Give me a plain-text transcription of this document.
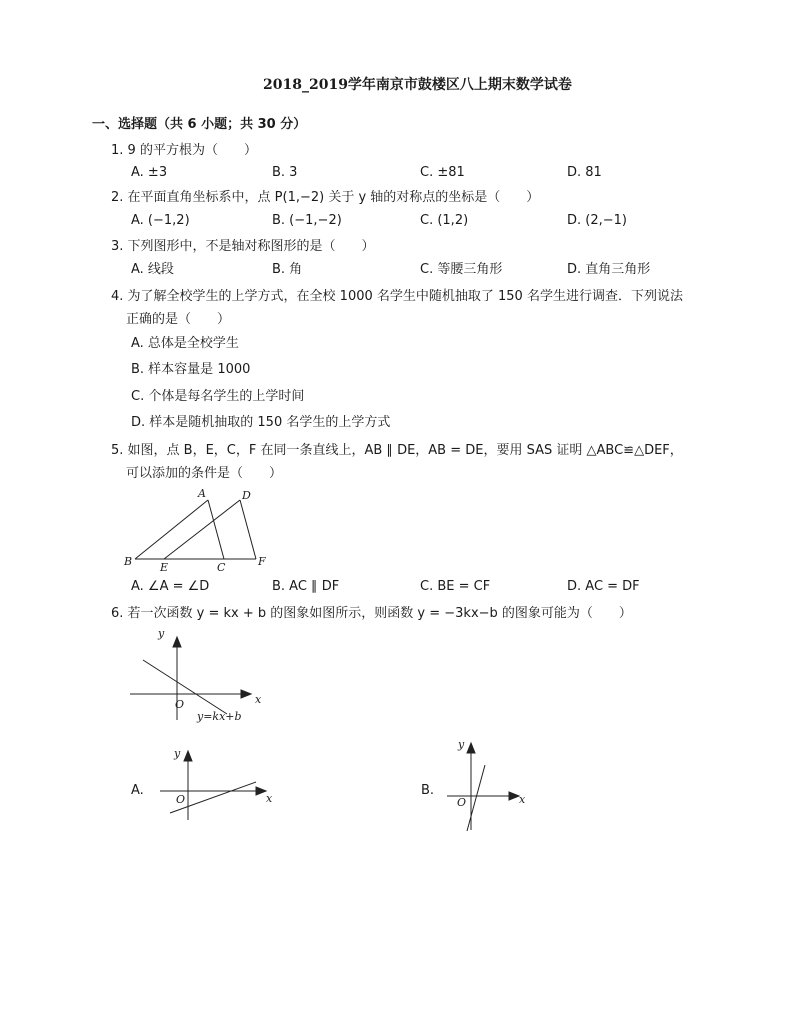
2018_2019学年南京市鼓楼区八上期末数学试卷
一、选择题（共 6 小题；共 30 分）
1. 9 的平方根为（　　）
A. ±3	B. 3	C. ±81	D. 81
2. 在平面直角坐标系中，点 P(1,−2) 关于 y 轴的对称点的坐标是（　　）
A. (−1,2)	B. (−1,−2)	C. (1,2)	D. (2,−1)
3. 下列图形中，不是轴对称图形的是（　　）
A. 线段	B. 角	C. 等腰三角形	D. 直角三角形
4. 为了解全校学生的上学方式，在全校 1000 名学生中随机抽取了 150 名学生进行调查．下列说法
正确的是（　　）
A. 总体是全校学生
B. 样本容量是 1000
C. 个体是每名学生的上学时间
D. 样本是随机抽取的 150 名学生的上学方式
5. 如图，点 B，E，C，F 在同一条直线上，AB ∥ DE，AB = DE，要用 SAS 证明 △ABC≌△DEF，
可以添加的条件是（　　）
A	D
B	E	C	F
A. ∠A = ∠D	B. AC ∥ DF	C. BE = CF	D. AC = DF
6. 若一次函数 y = kx + b 的图象如图所示，则函数 y = −3kx−b 的图象可能为（　　）
y
x
O
y=kx+b
A.
y
x
O
B.
y
x
O
